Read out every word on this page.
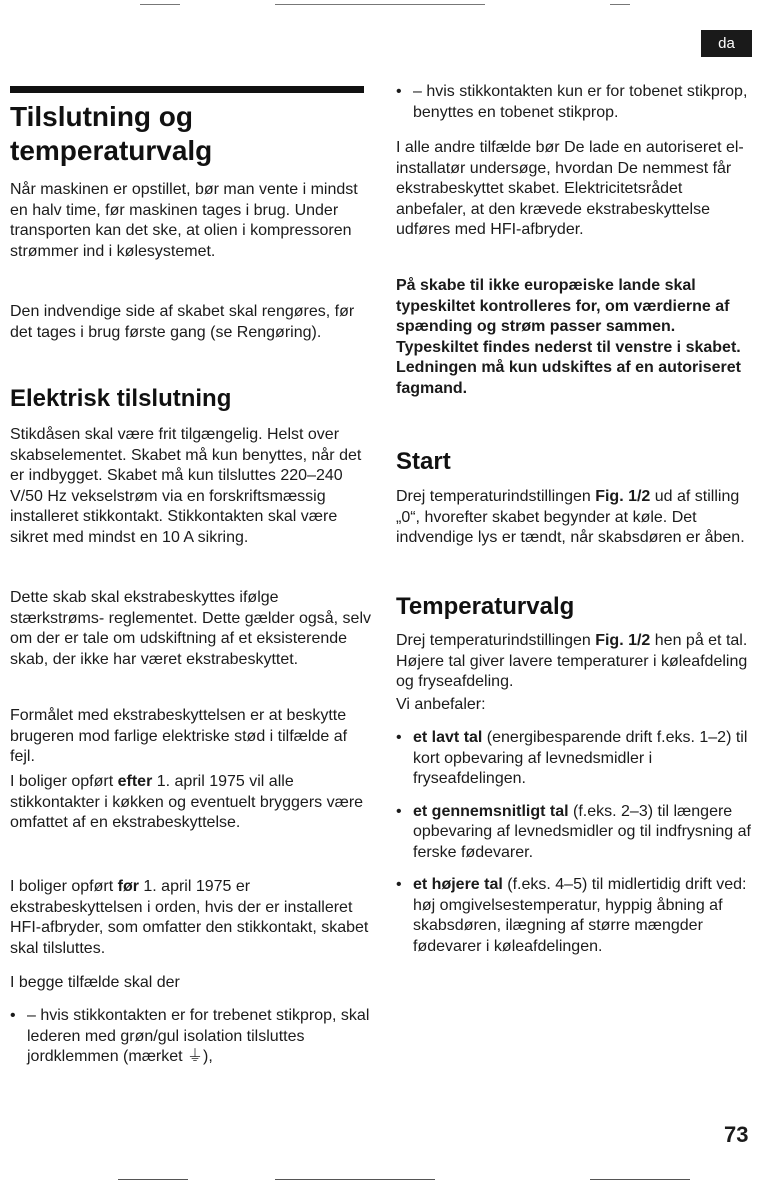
da
Tilslutning og temperaturvalg

Når maskinen er opstillet, bør man vente i mindst en halv time, før maskinen tages i brug. Under transporten kan det ske, at olien i kompressoren strømmer ind i kølesystemet.

Den indvendige side af skabet skal rengøres, før det tages i brug første gang (se Rengøring).

Elektrisk tilslutning

Stikdåsen skal være frit tilgængelig. Helst over skabselementet. Skabet må kun benyttes, når det er indbygget. Skabet må kun tilsluttes 220–240 V/50 Hz vekselstrøm via en forskriftsmæssig installeret stikkontakt. Stikkontakten skal være sikret med mindst en 10 A sikring.

Dette skab skal ekstrabeskyttes ifølge stærkstrøms- reglementet. Dette gælder også, selv om der er tale om udskiftning af et eksisterende skab, der ikke har været ekstrabeskyttet.

Formålet med ekstrabeskyttelsen er at beskytte brugeren mod farlige elektriske stød i tilfælde af fejl.

I boliger opført efter 1. april 1975 vil alle stikkontakter i køkken og eventuelt bryggers være omfattet af en ekstrabeskyttelse.

I boliger opført før 1. april 1975 er ekstrabeskyttelsen i orden, hvis der er installeret HFI-afbryder, som omfatter den stikkontakt, skabet skal tilsluttes.

I begge tilfælde skal der

• – hvis stikkontakten er for trebenet stikprop, skal lederen med grøn/gul isolation tilsluttes jordklemmen (mærket ⏚),
• – hvis stikkontakten kun er for tobenet stikprop, benyttes en tobenet stikprop.

I alle andre tilfælde bør De lade en autoriseret el-installatør undersøge, hvordan De nemmest får ekstrabeskyttet skabet. Elektricitetsrådet anbefaler, at den krævede ekstrabeskyttelse udføres med HFI-afbryder.

På skabe til ikke europæiske lande skal typeskiltet kontrolleres for, om værdierne af spænding og strøm passer sammen. Typeskiltet findes nederst til venstre i skabet. Ledningen må kun udskiftes af en autoriseret fagmand.

Start

Drej temperaturindstillingen Fig. 1/2 ud af stilling „0“, hvorefter skabet begynder at køle. Det indvendige lys er tændt, når skabsdøren er åben.

Temperaturvalg

Drej temperaturindstillingen Fig. 1/2 hen på et tal. Højere tal giver lavere temperaturer i køleafdeling og fryseafdeling.

Vi anbefaler:

• et lavt tal (energibesparende drift f.eks. 1–2) til kort opbevaring af levnedsmidler i fryseafdelingen.
• et gennemsnitligt tal (f.eks. 2–3) til længere opbevaring af levnedsmidler og til indfrysning af ferske fødevarer.
• et højere tal (f.eks. 4–5) til midlertidig drift ved: høj omgivelsestemperatur, hyppig åbning af skabsdøren, ilægning af større mængder fødevarer i køleafdelingen.
73
